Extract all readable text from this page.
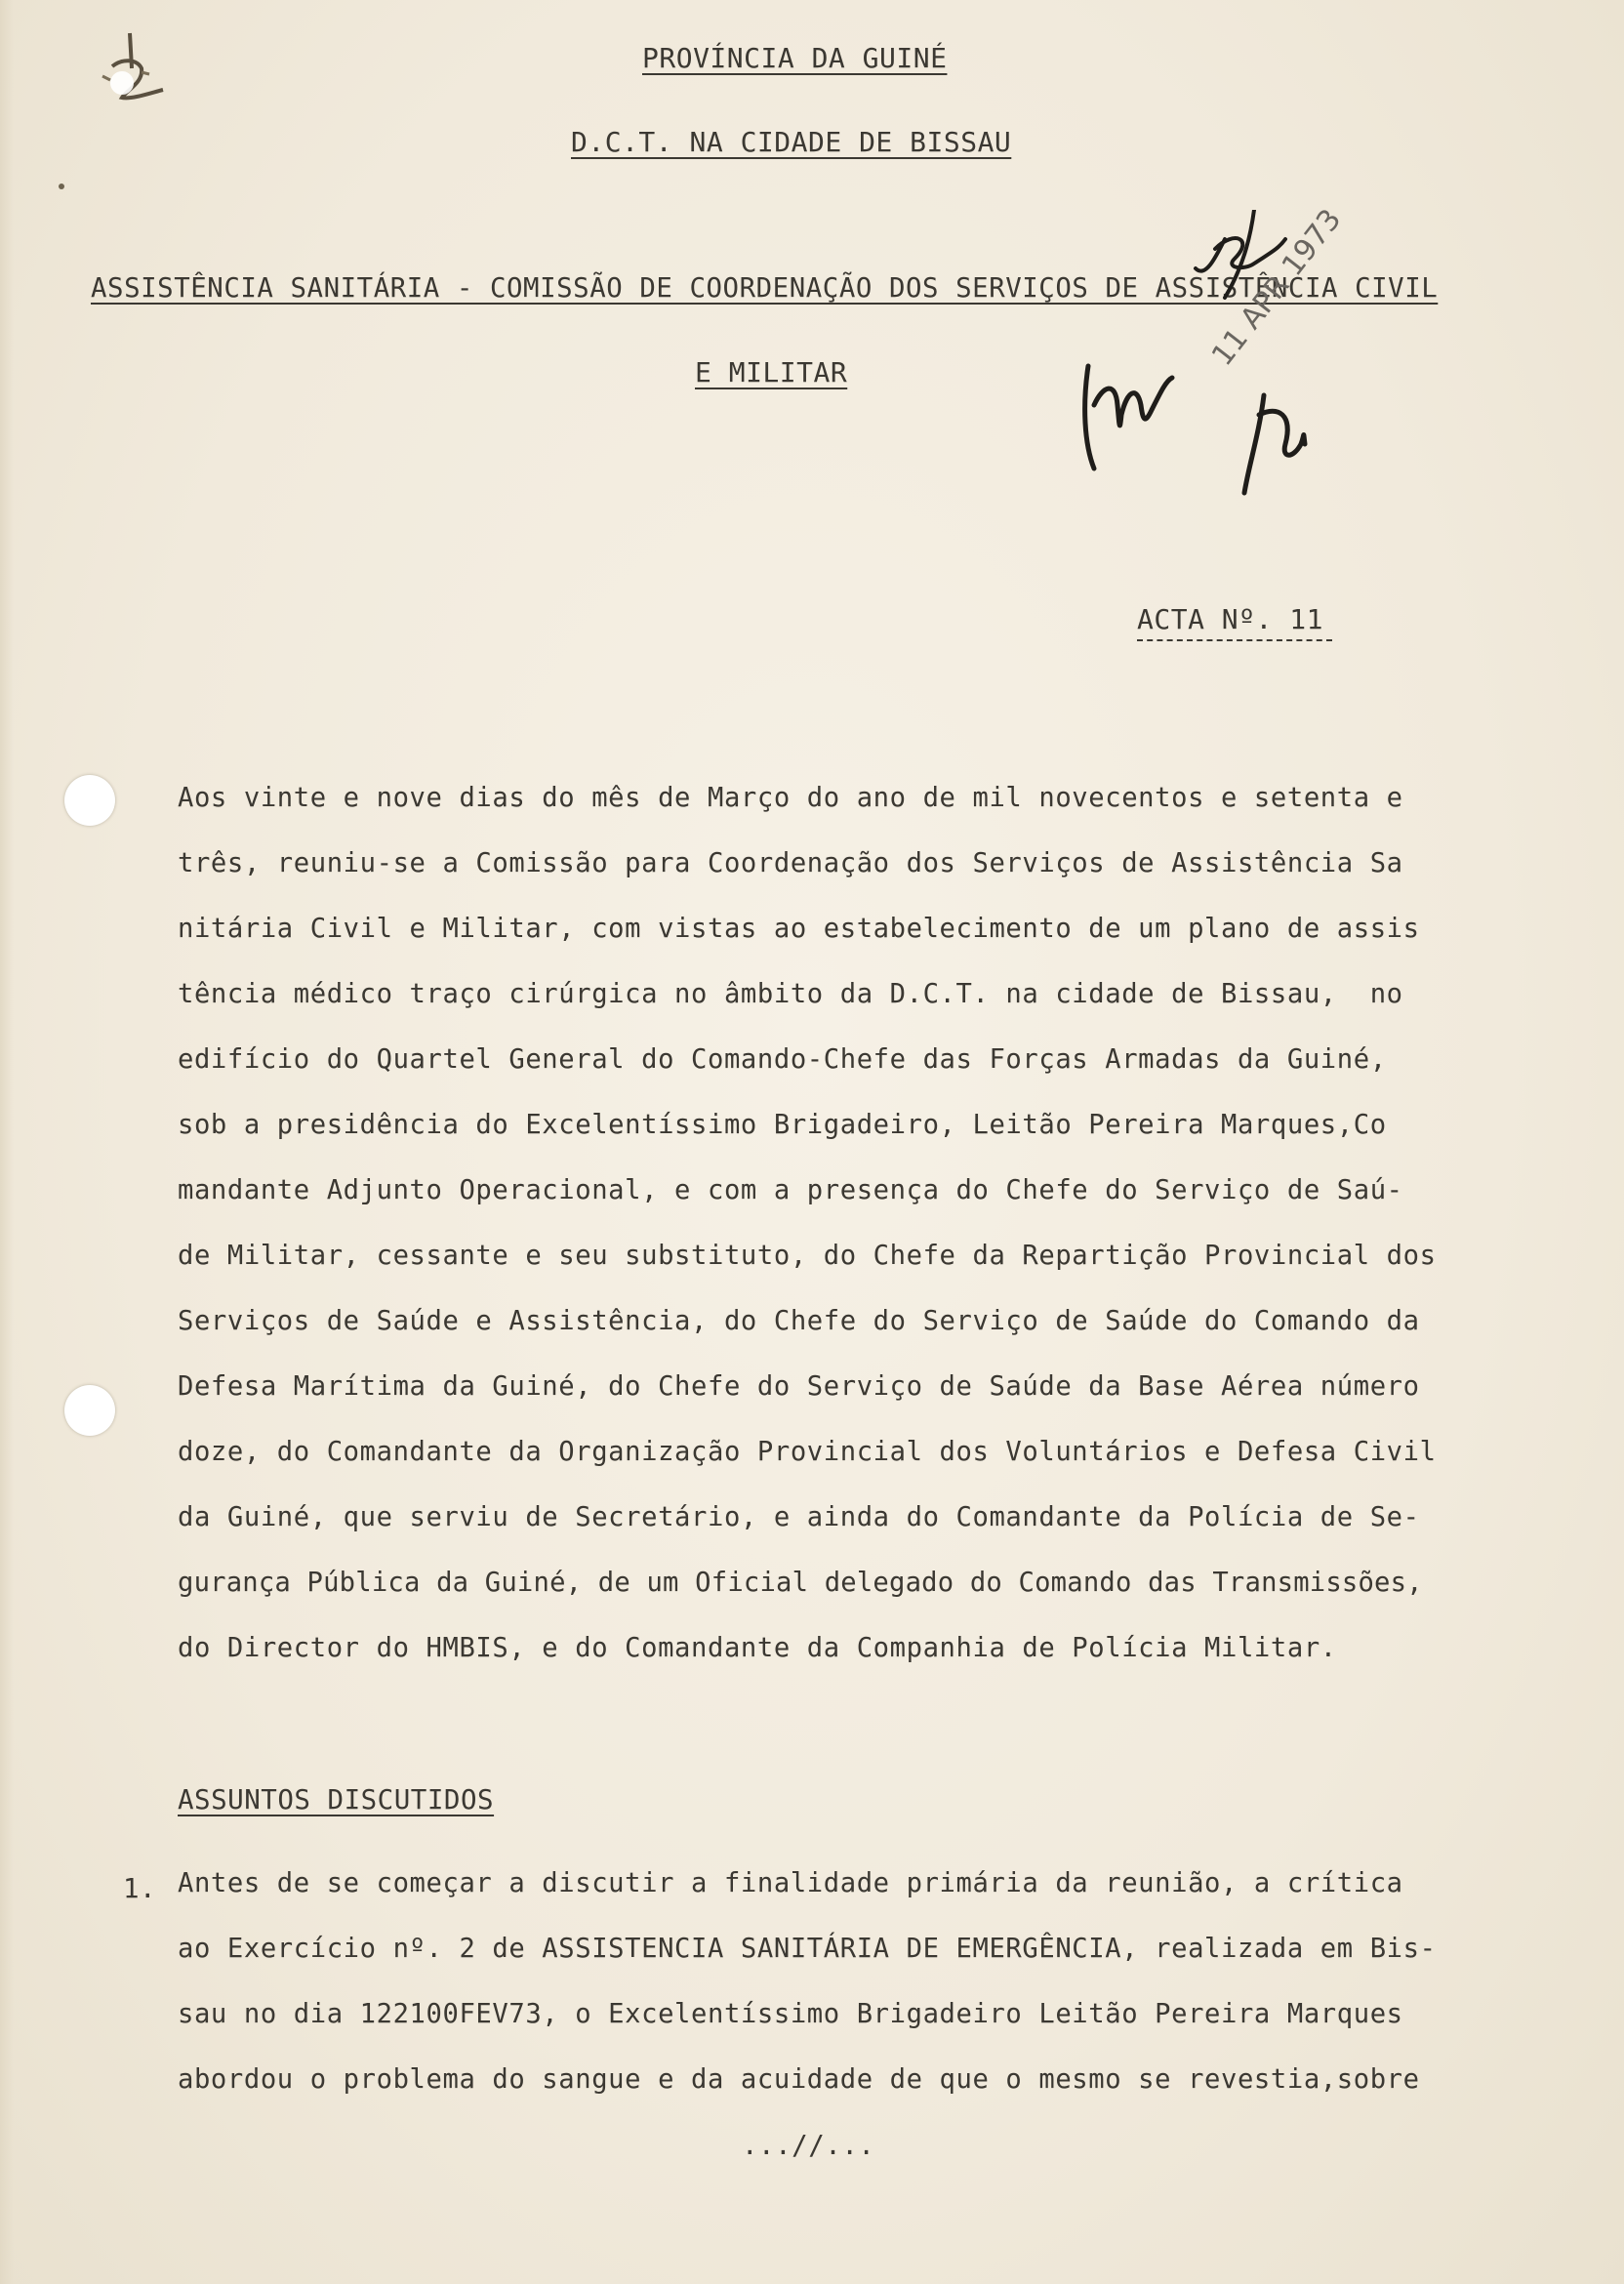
PROVÍNCIA DA GUINÉ

D.C.T. NA CIDADE DE BISSAU

ASSISTÊNCIA SANITÁRIA - COMISSÃO DE COORDENAÇÃO DOS SERVIÇOS DE ASSISTÊNCIA CIVIL

E MILITAR	11 APR 1973

ACTA Nº. 11

Aos vinte e nove dias do mês de Março do ano de mil novecentos e setenta e

três, reuniu-se a Comissão para Coordenação dos Serviços de Assistência Sa

nitária Civil e Militar, com vistas ao estabelecimento de um plano de assis

tência médico traço cirúrgica no âmbito da D.C.T. na cidade de Bissau,  no

edifício do Quartel General do Comando-Chefe das Forças Armadas da Guiné,

sob a presidência do Excelentíssimo Brigadeiro, Leitão Pereira Marques,Co

mandante Adjunto Operacional, e com a presença do Chefe do Serviço de Saú-

de Militar, cessante e seu substituto, do Chefe da Repartição Provincial dos

Serviços de Saúde e Assistência, do Chefe do Serviço de Saúde do Comando da

Defesa Marítima da Guiné, do Chefe do Serviço de Saúde da Base Aérea número

doze, do Comandante da Organização Provincial dos Voluntários e Defesa Civil

da Guiné, que serviu de Secretário, e ainda do Comandante da Polícia de Se-

gurança Pública da Guiné, de um Oficial delegado do Comando das Transmissões,

do Director do HMBIS, e do Comandante da Companhia de Polícia Militar.

ASSUNTOS DISCUTIDOS

1. Antes de se começar a discutir a finalidade primária da reunião, a crítica

ao Exercício nº. 2 de ASSISTENCIA SANITÁRIA DE EMERGÊNCIA, realizada em Bis-

sau no dia 122100FEV73, o Excelentíssimo Brigadeiro Leitão Pereira Marques

abordou o problema do sangue e da acuidade de que o mesmo se revestia,sobre

...//...
